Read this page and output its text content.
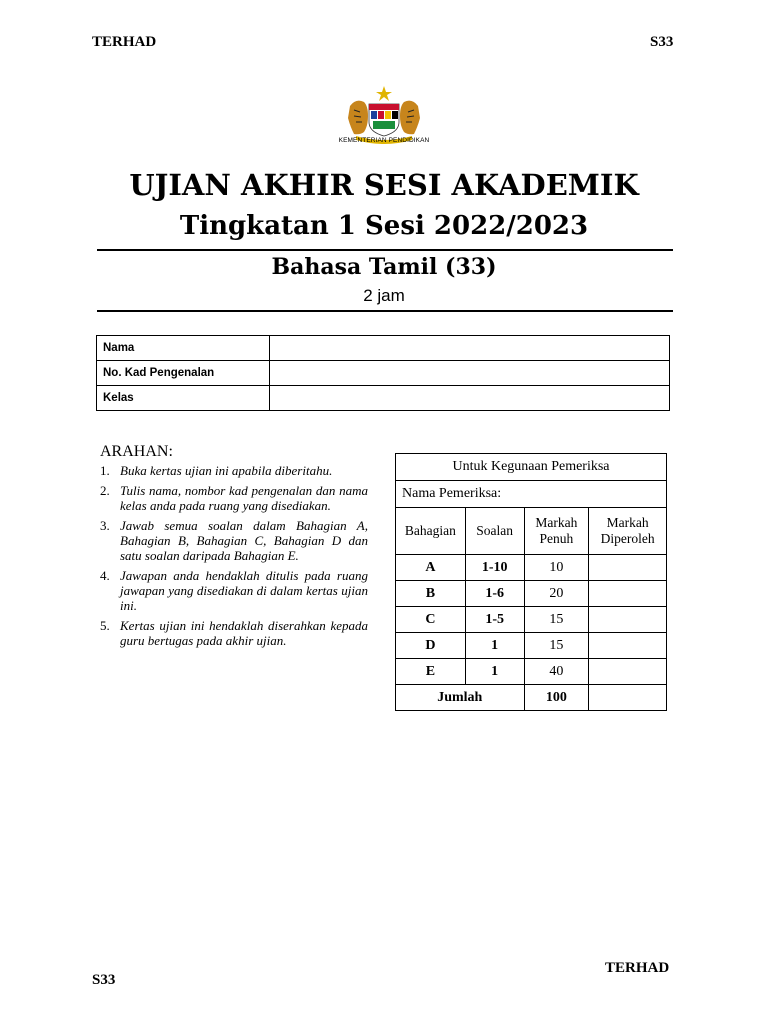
TERHAD	S33
KEMENTERIAN PENDIDIKAN
UJIAN AKHIR SESI AKADEMIK
Tingkatan 1 Sesi 2022/2023
Bahasa Tamil (33)
2 jam
Nama	
No. Kad Pengenalan	
Kelas	
ARAHAN:
1. Buka kertas ujian ini apabila diberitahu.
2. Tulis nama, nombor kad pengenalan dan nama kelas anda pada ruang yang disediakan.
3. Jawab semua soalan dalam Bahagian A, Bahagian B, Bahagian C, Bahagian D dan satu soalan daripada Bahagian E.
4. Jawapan anda hendaklah ditulis pada ruang jawapan yang disediakan di dalam kertas ujian ini.
5. Kertas ujian ini hendaklah diserahkan kepada guru bertugas pada akhir ujian.
Untuk Kegunaan Pemeriksa			
Nama Pemeriksa:			
Bahagian	Soalan	Markah Penuh	Markah Diperoleh
A	1-10	10	
B	1-6	20	
C	1-5	15	
D	1	15	
E	1	40	
Jumlah		100	
S33
TERHAD
